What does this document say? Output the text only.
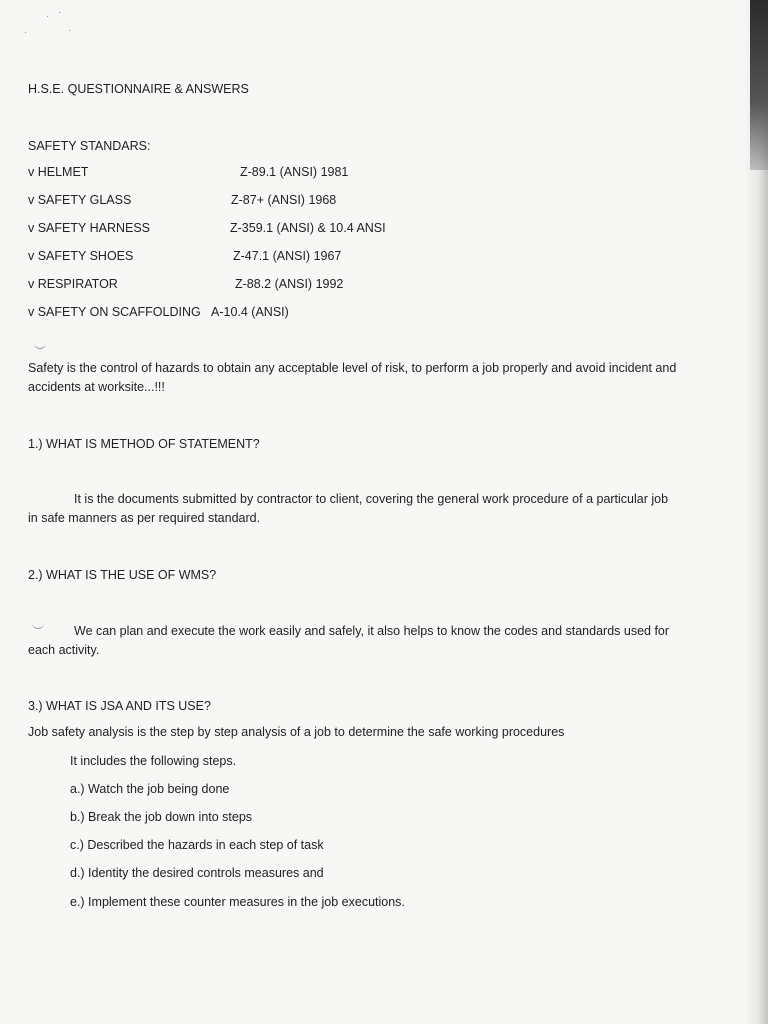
· ·
·
·
H.S.E. QUESTIONNAIRE & ANSWERS
SAFETY STANDARS:
v HELMET	Z-89.1 (ANSI) 1981
v SAFETY GLASS	Z-87+ (ANSI) 1968
v SAFETY HARNESS	Z-359.1 (ANSI) & 10.4 ANSI
v SAFETY SHOES	Z-47.1 (ANSI) 1967
v RESPIRATOR	Z-88.2 (ANSI) 1992
v SAFETY ON SCAFFOLDING A-10.4 (ANSI)
Safety is the control of hazards to obtain any acceptable level of risk, to perform a job properly and avoid incident and accidents at worksite...!!!
1.) WHAT IS METHOD OF STATEMENT?
It is the documents submitted by contractor to client, covering the general work procedure of a particular job in safe manners as per required standard.
2.) WHAT IS THE USE OF WMS?
We can plan and execute the work easily and safely, it also helps to know the codes and standards used for each activity.
3.) WHAT IS JSA AND ITS USE?
Job safety analysis is the step by step analysis of a job to determine the safe working procedures
It includes the following steps.
a.) Watch the job being done
b.) Break the job down into steps
c.) Described the hazards in each step of task
d.) Identity the desired controls measures and
e.) Implement these counter measures in the job executions.
